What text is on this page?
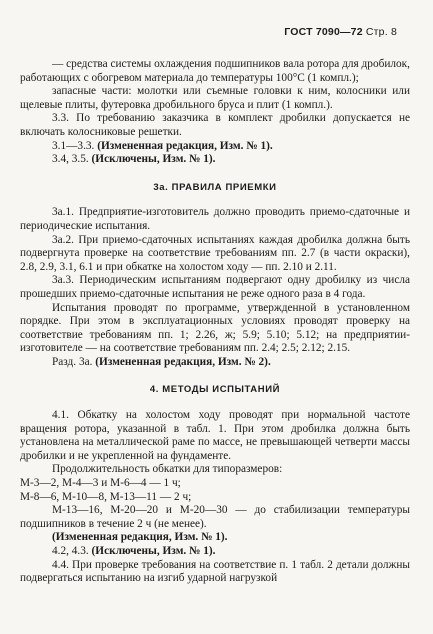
ГОСТ 7090—72 Стр. 8

— средства системы охлаждения подшипников вала ротора для дробилок, работающих с обогревом материала до температуры 100°С (1 компл.);

запасные части: молотки или съемные головки к ним, колосники или щелевые плиты, футеровка дробильного бруса и плит (1 компл.).

3.3. По требованию заказчика в комплект дробилки допускается не включать колосниковые решетки.

3.1—3.3. (Измененная редакция, Изм. № 1).

3.4, 3.5. (Исключены, Изм. № 1).

3а. ПРАВИЛА ПРИЕМКИ

3а.1. Предприятие-изготовитель должно проводить приемо-сдаточные и периодические испытания.

3а.2. При приемо-сдаточных испытаниях каждая дробилка должна быть подвергнута проверке на соответствие требованиям пп. 2.7 (в части окраски), 2.8, 2.9, 3.1, 6.1 и при обкатке на холостом ходу — пп. 2.10 и 2.11.

3а.3. Периодическим испытаниям подвергают одну дробилку из числа прошедших приемо-сдаточные испытания не реже одного раза в 4 года.

Испытания проводят по программе, утвержденной в установленном порядке. При этом в эксплуатационных условиях проводят проверку на соответствие требованиям пп. 1; 2.26, ж; 5.9; 5.10; 5.12; на предприятии-изготовителе — на соответствие требованиям пп. 2.4; 2.5; 2.12; 2.15.

Разд. 3а. (Измененная редакция, Изм. № 2).

4. МЕТОДЫ ИСПЫТАНИЙ

4.1. Обкатку на холостом ходу проводят при нормальной частоте вращения ротора, указанной в табл. 1. При этом дробилка должна быть установлена на металлической раме по массе, не превышающей четверти массы дробилки и не укрепленной на фундаменте.

Продолжительность обкатки для типоразмеров:

М-3—2, М-4—3 и М-6—4 — 1 ч;

М-8—6, М-10—8, М-13—11 — 2 ч;

М-13—16, М-20—20 и М-20—30 — до стабилизации температуры подшипников в течение 2 ч (не менее).

(Измененная редакция, Изм. № 1).

4.2, 4.3. (Исключены, Изм. № 1).

4.4. При проверке требования на соответствие п. 1 табл. 2 детали должны подвергаться испытанию на изгиб ударной нагрузкой
